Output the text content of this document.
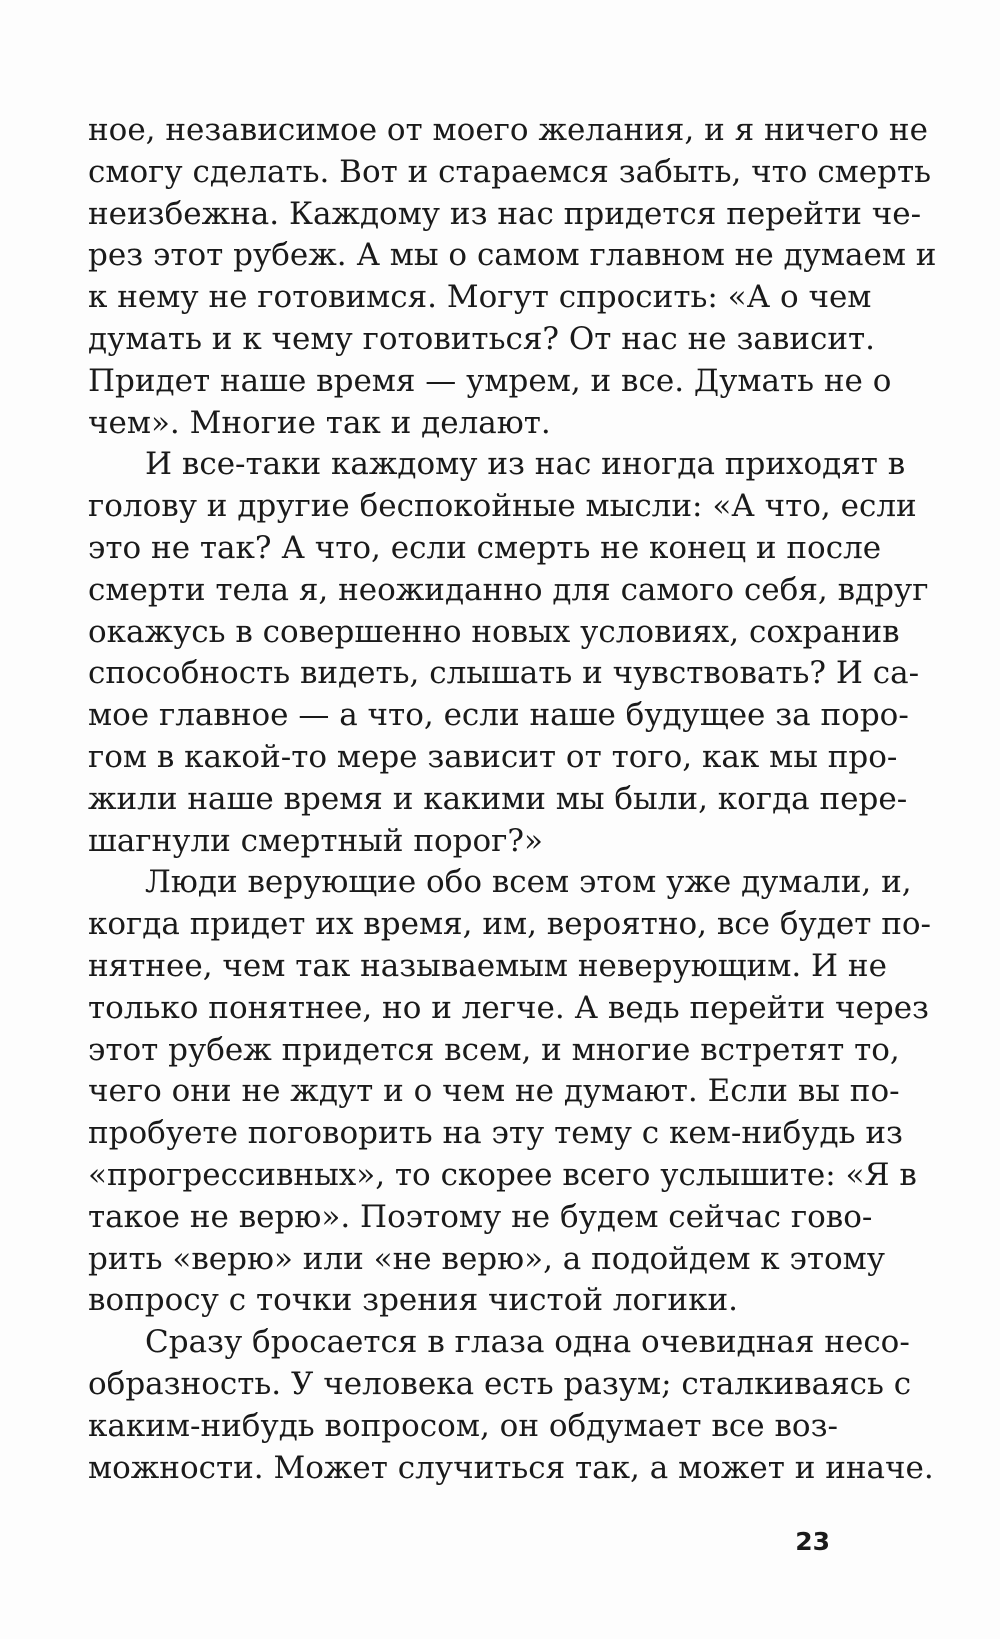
ное, независимое от моего желания, и я ничего не
смогу сделать. Вот и стараемся забыть, что смерть
неизбежна. Каждому из нас придется перейти че-
рез этот рубеж. А мы о самом главном не думаем и
к нему не готовимся. Могут спросить: «А о чем
думать и к чему готовиться? От нас не зависит.
Придет наше время — умрем, и все. Думать не о
чем». Многие так и делают.

И все-таки каждому из нас иногда приходят в
голову и другие беспокойные мысли: «А что, если
это не так? А что, если смерть не конец и после
смерти тела я, неожиданно для самого себя, вдруг
окажусь в совершенно новых условиях, сохранив
способность видеть, слышать и чувствовать? И са-
мое главное — а что, если наше будущее за поро-
гом в какой-то мере зависит от того, как мы про-
жили наше время и какими мы были, когда пере-
шагнули смертный порог?»

Люди верующие обо всем этом уже думали, и,
когда придет их время, им, вероятно, все будет по-
нятнее, чем так называемым неверующим. И не
только понятнее, но и легче. А ведь перейти через
этот рубеж придется всем, и многие встретят то,
чего они не ждут и о чем не думают. Если вы по-
пробуете поговорить на эту тему с кем-нибудь из
«прогрессивных», то скорее всего услышите: «Я в
такое не верю». Поэтому не будем сейчас гово-
рить «верю» или «не верю», а подойдем к этому
вопросу с точки зрения чистой логики.

Сразу бросается в глаза одна очевидная несо-
образность. У человека есть разум; сталкиваясь с
каким-нибудь вопросом, он обдумает все воз-
можности. Может случиться так, а может и иначе.

23
